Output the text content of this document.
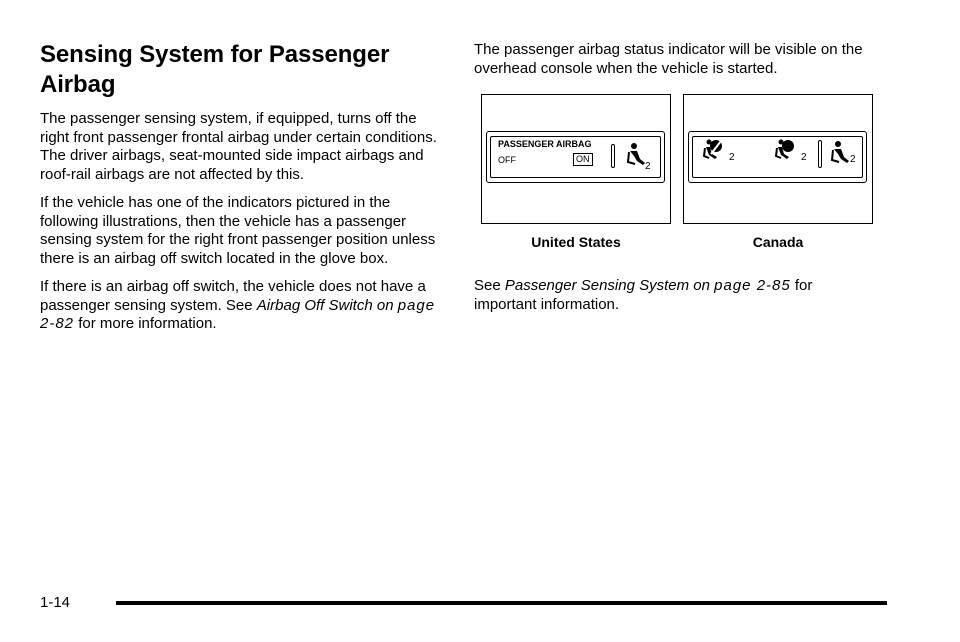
Sensing System for Passenger Airbag

The passenger sensing system, if equipped, turns off the right front passenger frontal airbag under certain conditions. The driver airbags, seat-mounted side impact airbags and roof-rail airbags are not affected by this.

If the vehicle has one of the indicators pictured in the following illustrations, then the vehicle has a passenger sensing system for the right front passenger position unless there is an airbag off switch located in the glove box.

If there is an airbag off switch, the vehicle does not have a passenger sensing system. See Airbag Off Switch on page 2-82 for more information.

The passenger airbag status indicator will be visible on the overhead console when the vehicle is started.

PASSENGER AIRBAG
OFF	ON
2
2	2	2
United States	Canada
See Passenger Sensing System on page 2-85 for important information.
1-14
